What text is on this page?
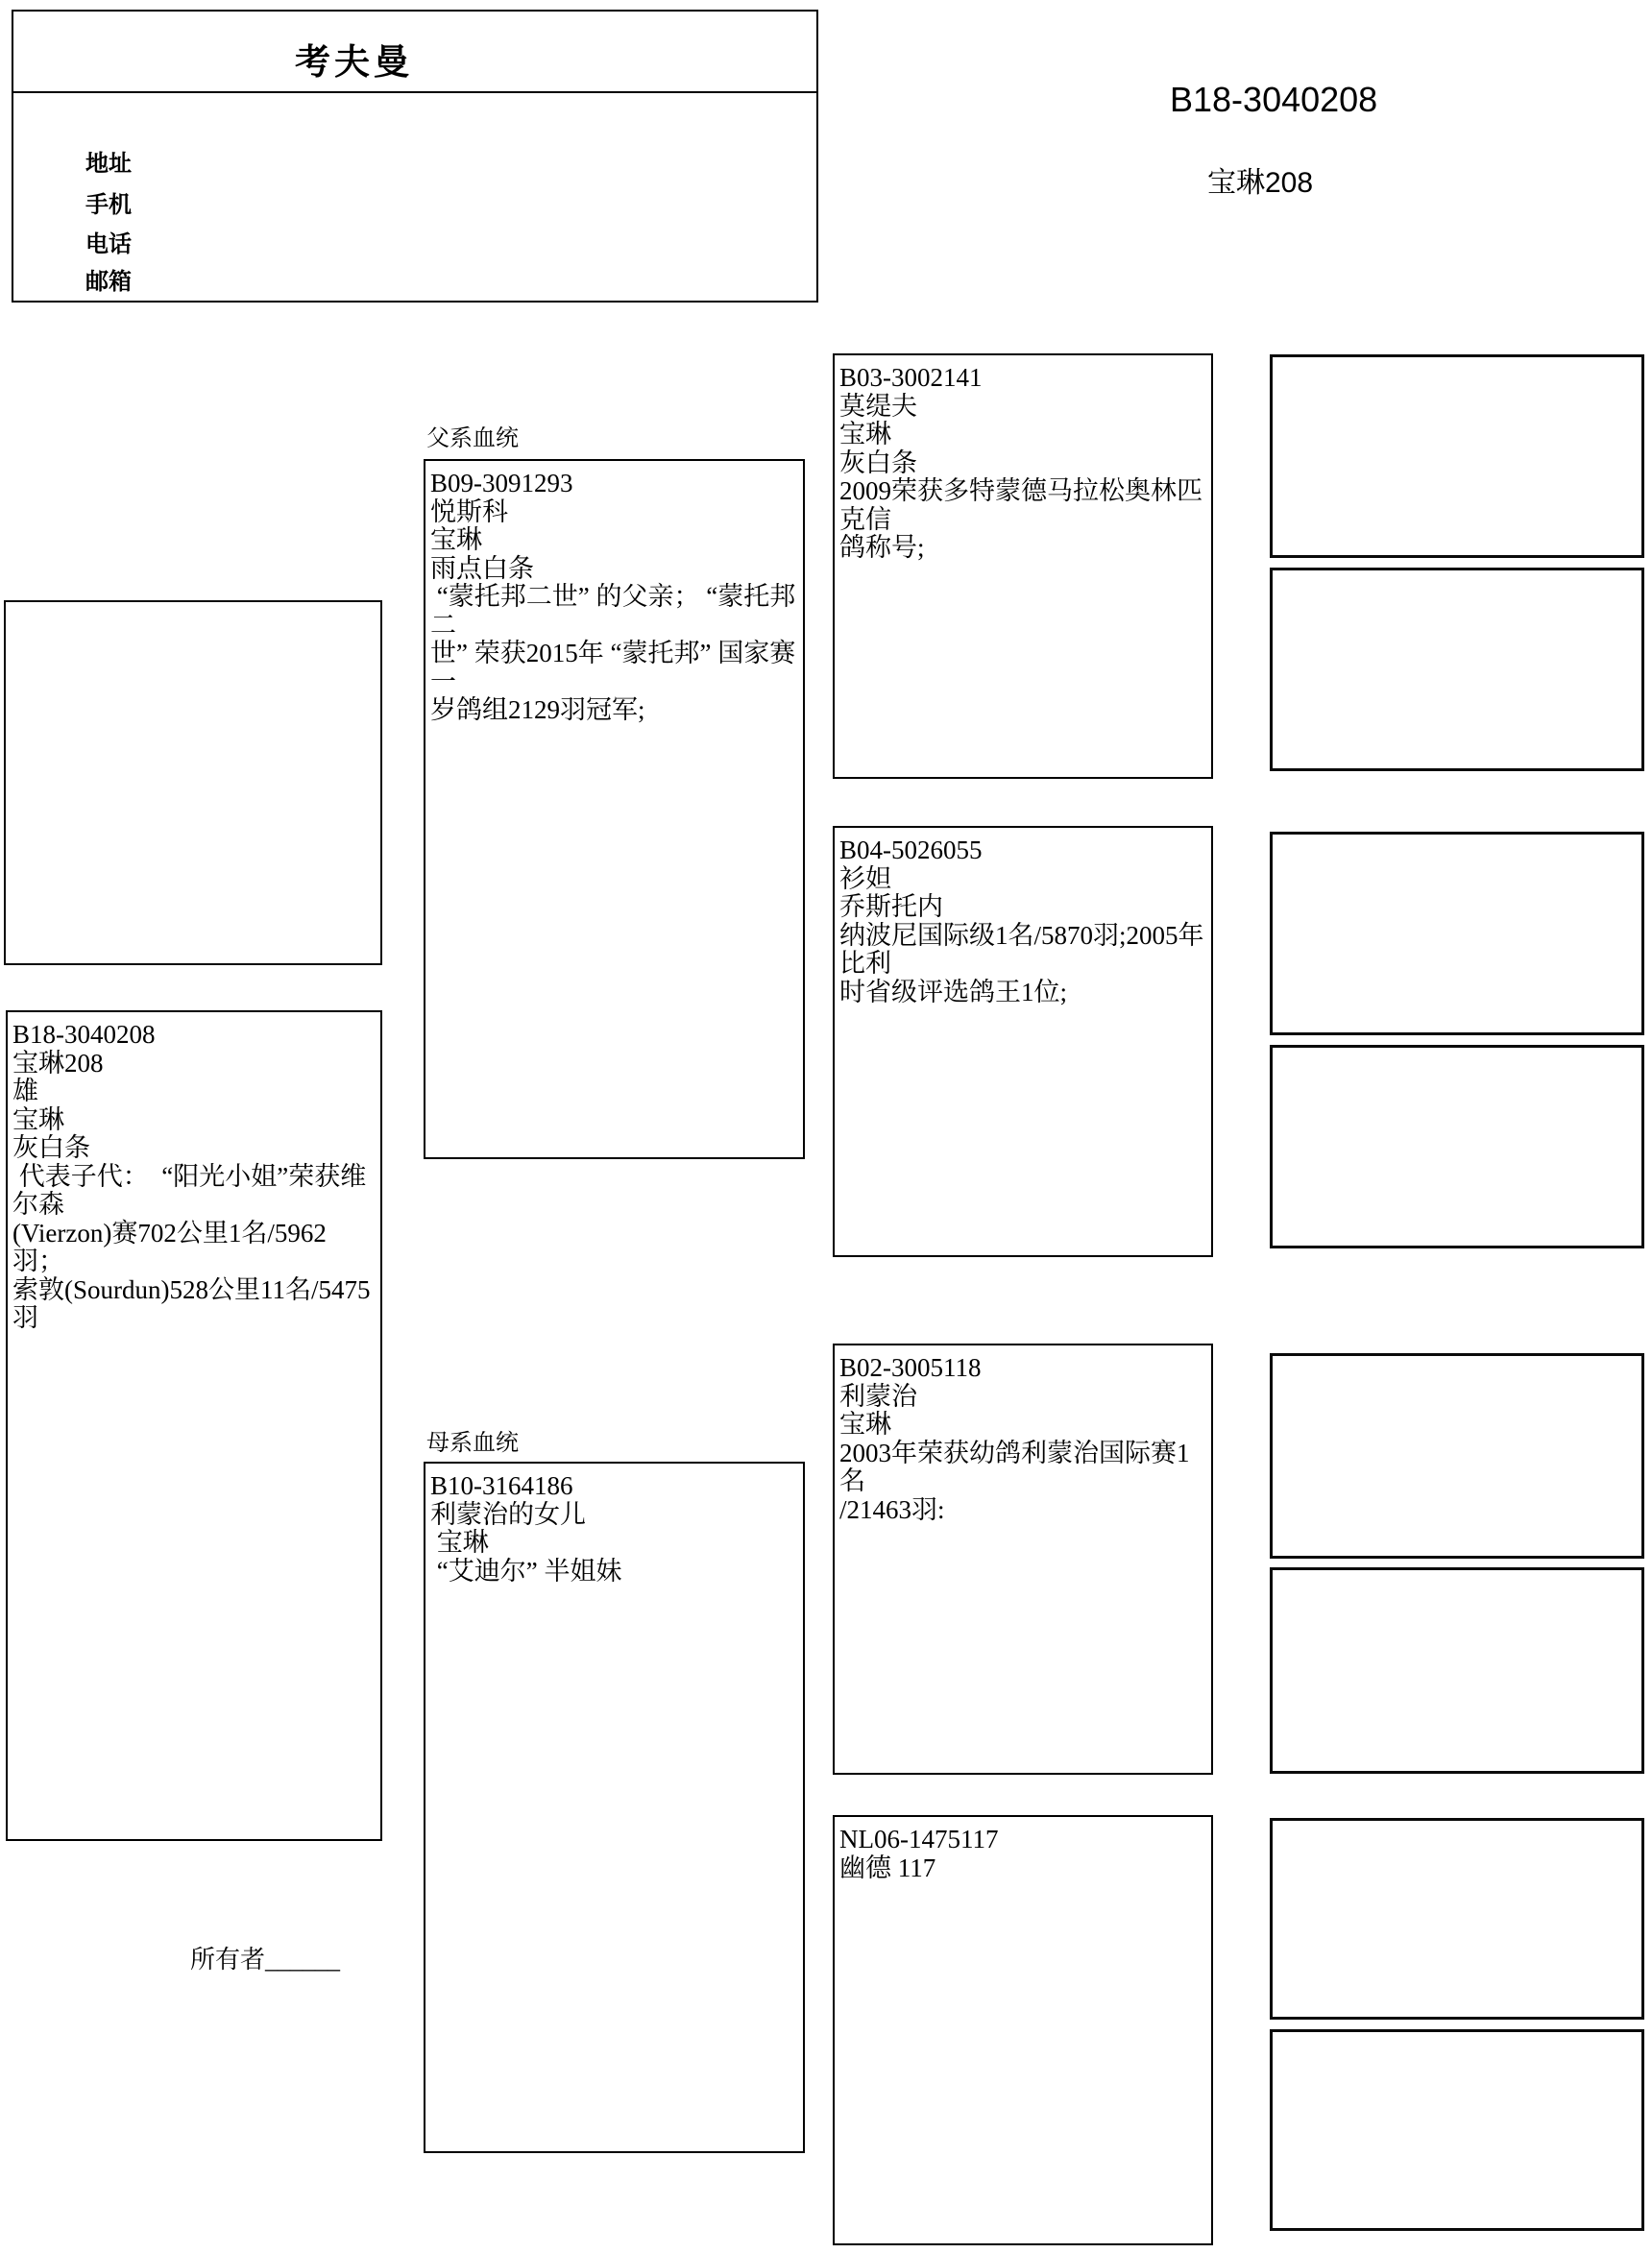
考夫曼
地址
手机
电话
邮箱
B18-3040208
宝琳208
父系血统
母系血统
所有者______
B18-3040208
宝琳208
雄
宝琳
灰白条
代表子代：　“阳光小姐”荣获维尔森
(Vierzon)赛702公里1名/5962羽；
索敦(Sourdun)528公里11名/5475羽
B09-3091293
悦斯科
宝琳
雨点白条
“蒙托邦二世” 的父亲； “蒙托邦二
世” 荣获2015年 “蒙托邦” 国家赛一
岁鸽组2129羽冠军;
B10-3164186
利蒙治的女儿
宝琳
“艾迪尔” 半姐妹
B03-3002141
莫缇夫
宝琳
灰白条
2009荣获多特蒙德马拉松奥林匹克信
鸽称号;
B04-5026055
衫妲
乔斯托内
纳波尼国际级1名/5870羽;2005年比利
时省级评选鸽王1位;
B02-3005118
利蒙治
宝琳
2003年荣获幼鸽利蒙治国际赛1名
/21463羽:
NL06-1475117
幽德 117
